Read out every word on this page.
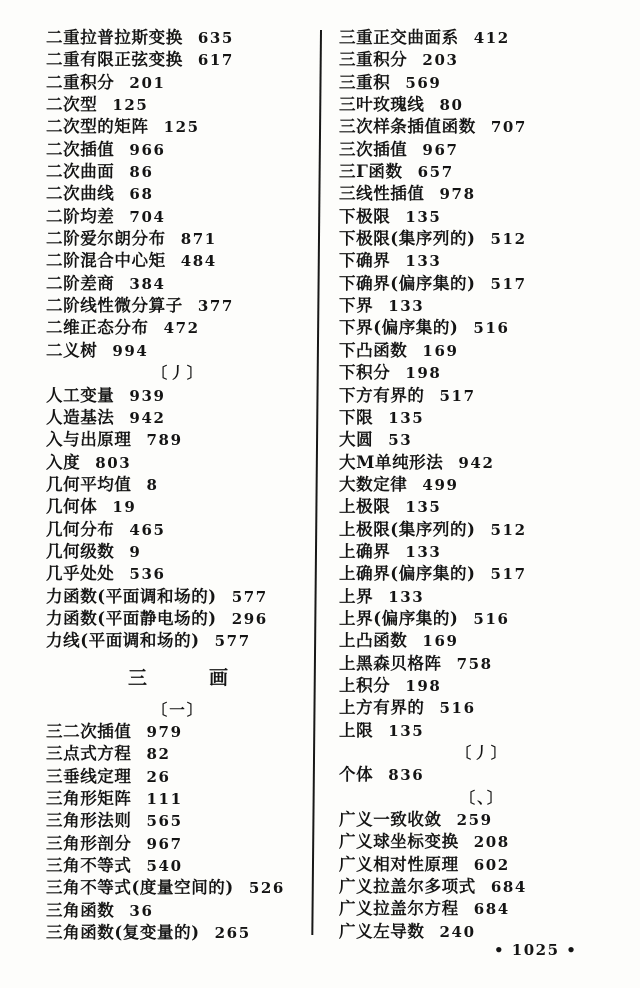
二重拉普拉斯变换 635
二重有限正弦变换 617
二重积分 201
二次型 125
二次型的矩阵 125
二次插值 966
二次曲面 86
二次曲线 68
二阶均差 704
二阶爱尔朗分布 871
二阶混合中心矩 484
二阶差商 384
二阶线性微分算子 377
二维正态分布 472
二义树 994
〔丿〕
人工变量 939
人造基法 942
入与出原理 789
入度 803
几何平均值 8
几何体 19
几何分布 465
几何级数 9
几乎处处 536
力函数(平面调和场的) 577
力函数(平面静电场的) 296
力线(平面调和场的) 577
三	画
〔一〕
三二次插值 979
三点式方程 82
三垂线定理 26
三角形矩阵 111
三角形法则 565
三角形剖分 967
三角不等式 540
三角不等式(度量空间的) 526
三角函数 36
三角函数(复变量的) 265
三重正交曲面系 412
三重积分 203
三重积 569
三叶玫瑰线 80
三次样条插值函数 707
三次插值 967
三Γ函数 657
三线性插值 978
下极限 135
下极限(集序列的) 512
下确界 133
下确界(偏序集的) 517
下界 133
下界(偏序集的) 516
下凸函数 169
下积分 198
下方有界的 517
下限 135
大圆 53
大M单纯形法 942
大数定律 499
上极限 135
上极限(集序列的) 512
上确界 133
上确界(偏序集的) 517
上界 133
上界(偏序集的) 516
上凸函数 169
上黑森贝格阵 758
上积分 198
上方有界的 516
上限 135
〔丿〕
个体 836
〔、〕
广义一致收敛 259
广义球坐标变换 208
广义相对性原理 602
广义拉盖尔多项式 684
广义拉盖尔方程 684
广义左导数 240
• 1025 •
